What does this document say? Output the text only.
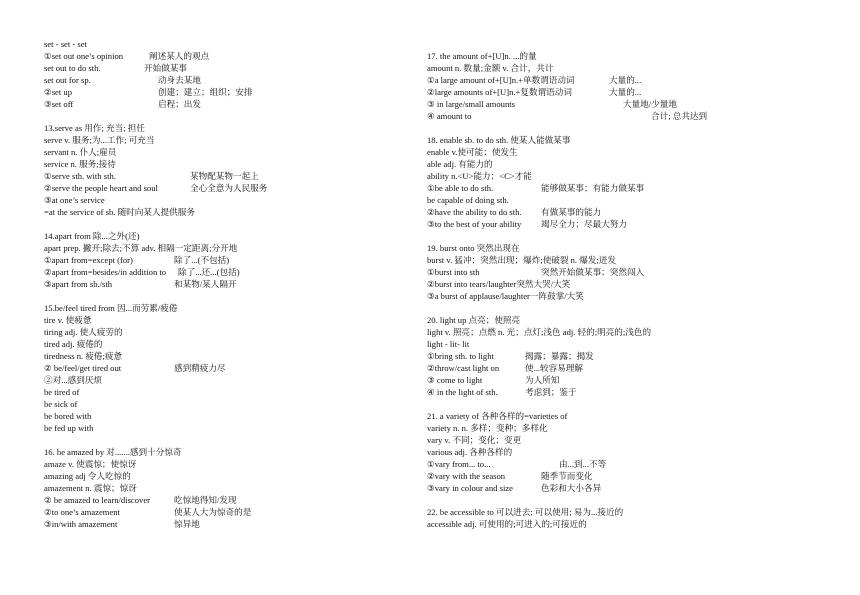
set - set - set
①set out one’s opinion	阐述某人的观点
set out to do sth.	开始做某事
set out for sp.	动身去某地
②set up	创建；建立；组织；安排
③set off	启程；出发
13.serve as 用作; 充当; 担任
serve v. 服务;为...工作; 可充当
servant n. 仆人;雇员
service n. 服务;接待
①serve sth. with sth.	某物配某物一起上
②serve the people heart and soul	全心全意为人民服务
③at one’s service
=at the service of sb. 随时向某人提供服务
14.apart from 除...之外(还)
apart prep. 撇开;除去;不算 adv. 相隔一定距离;分开地
①apart from=except (for)	除了...(不包括)
②apart from=besides/in addition to 除了...还...(包括)
③apart from sb./sth	和某物/某人隔开
15.be/feel tired from 因...而劳累/疲倦
tire v. 使疲惫
tiring adj. 使人疲劳的
tired adj. 疲倦的
tiredness n. 疲倦;疲惫
② be/feel/get tired out	感到精疲力尽
②对...感到厌烦
be tired of
be sick of
be bored with
be fed up with
16. be amazed by 对.......感到十分惊奇
amaze v. 使震惊；使惊讶
amazing adj 令人吃惊的
amazement n. 震惊；惊讶
② be amazed to learn/discover	吃惊地得知/发现
②to one’s amazement	使某人大为惊奇的是
③in/with amazement	惊异地
17. the amount of+[U]n. ...的量
amount n. 数量;金额 v. 合计，共计
①a large amount of+[U]n.+单数谓语动词	大量的...
②large amounts of+[U]n.+复数谓语动词	大量的...
③ in large/small amounts	大量地/少量地
④ amount to	合计; 总共达到
18. enable sb. to do sth. 使某人能做某事
enable v.使可能；使发生
able adj. 有能力的
ability n.<U>能力；<C>才能
①be able to do sth.	能够做某事；有能力做某事
be capable of doing sth.
②have the ability to do sth. 有做某事的能力
③to the best of your ability 竭尽全力；尽最大努力
19. burst onto 突然出现在
burst v. 猛冲；突然出现；爆炸;使破裂 n. 爆发;迸发
①burst into sth	突然开始做某事；突然闯入
②burst into tears/laughter突然大哭/大笑
③a burst of applause/laughter一阵鼓掌/大笑
20. light up 点亮；使照亮
light v. 照亮；点燃 n. 光；点灯;浅色 adj. 轻的;明亮的;浅色的
light - lit- lit
①bring sth. to light	揭露；暴露；揭发
②throw/cast light on	使...较容易理解
③ come to light	为人所知
④ in the light of sth.	考虑到；鉴于
21. a variety of 各种各样的=varieties of
variety n. n. 多样；变种；多样化
vary v. 不同；变化；变更
various adj. 各种各样的
①vary from... to...	由...到...不等
②vary with the season	随季节而变化
③vary in colour and size	色彩和大小各异
22. be accessible to 可以进去; 可以使用; 易为...接近的
accessible adj. 可使用的;可进入的;可接近的
